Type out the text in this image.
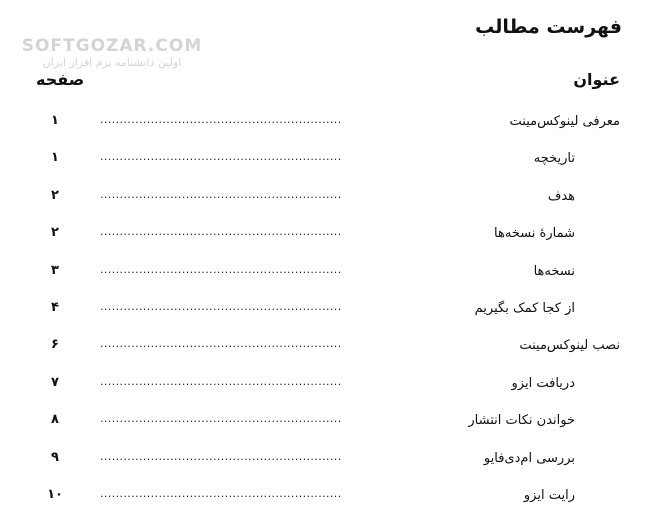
SOFTGOZAR.COM
اولین دانشنامه نرم افزار ایران
فهرست مطالب
عنوان
صفحه
معرفی لینوکس‌مینت
..............................................................
۱
تاریخچه
..............................................................
۱
هدف
..............................................................
۲
شمارهٔ نسخه‌ها
..............................................................
۲
نسخه‌ها
..............................................................
۳
از کجا کمک بگیریم
..............................................................
۴
نصب لینوکس‌مینت
..............................................................
۶
دریافت ایزو
..............................................................
۷
خواندن نکات انتشار
..............................................................
۸
بررسی ام‌دی‌فایو
..............................................................
۹
رایت ایزو
..............................................................
۱۰
